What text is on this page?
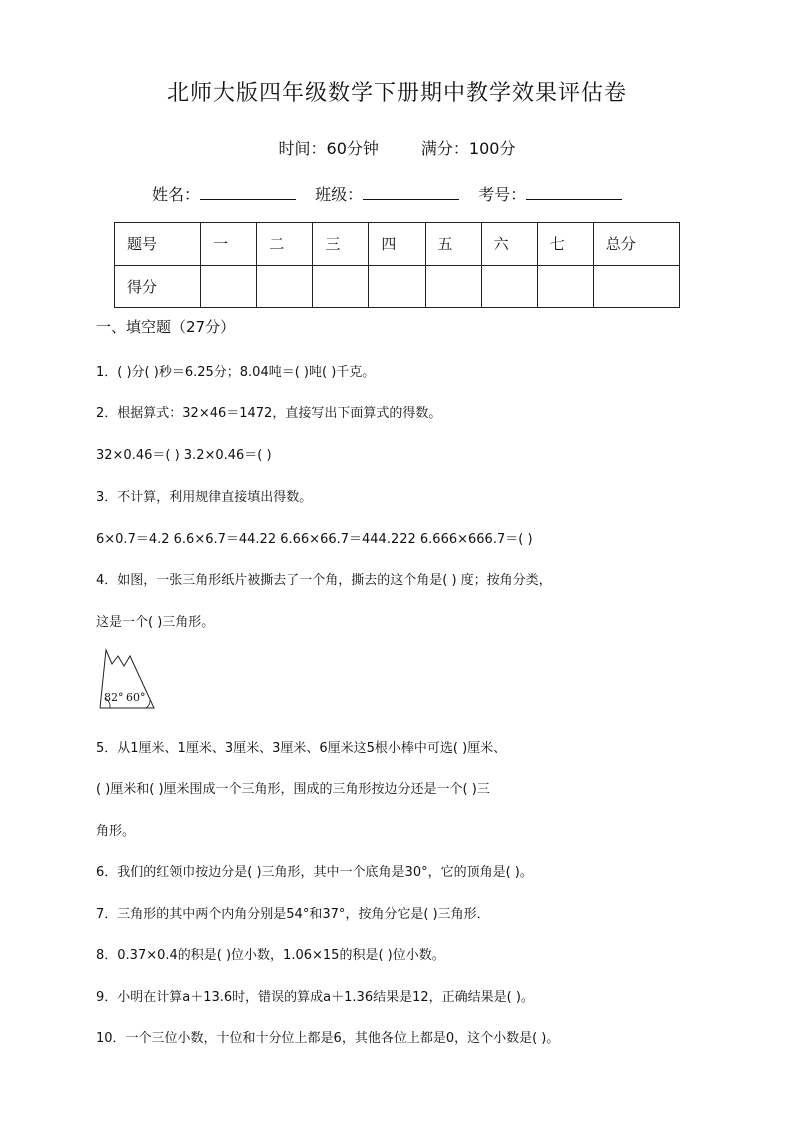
北师大版四年级数学下册期中教学效果评估卷
时间：60分钟	满分：100分
姓名：	班级：	考号：
题号	一	二	三	四	五	六	七	总分
得分								
一、填空题（27分）
1．( )分( )秒＝6.25分；8.04吨＝( )吨( )千克。
2．根据算式：32×46＝1472，直接写出下面算式的得数。
32×0.46＝( ) 3.2×0.46＝( )
3．不计算，利用规律直接填出得数。
6×0.7＝4.2 6.6×6.7＝44.22 6.66×66.7＝444.222 6.666×666.7＝( )
4．如图，一张三角形纸片被撕去了一个角，撕去的这个角是( ) 度；按角分类，
这是一个( )三角形。
82° 60°
5．从1厘米、1厘米、3厘米、3厘米、6厘米这5根小棒中可选( )厘米、
( )厘米和( )厘米围成一个三角形，围成的三角形按边分还是一个( )三
角形。
6．我们的红领巾按边分是( )三角形，其中一个底角是30°，它的顶角是( )。
7．三角形的其中两个内角分别是54°和37°，按角分它是( )三角形．
8．0.37×0.4的积是( )位小数，1.06×15的积是( )位小数。
9．小明在计算a＋13.6时，错误的算成a＋1.36结果是12，正确结果是( )。
10．一个三位小数，十位和十分位上都是6，其他各位上都是0，这个小数是( )。
